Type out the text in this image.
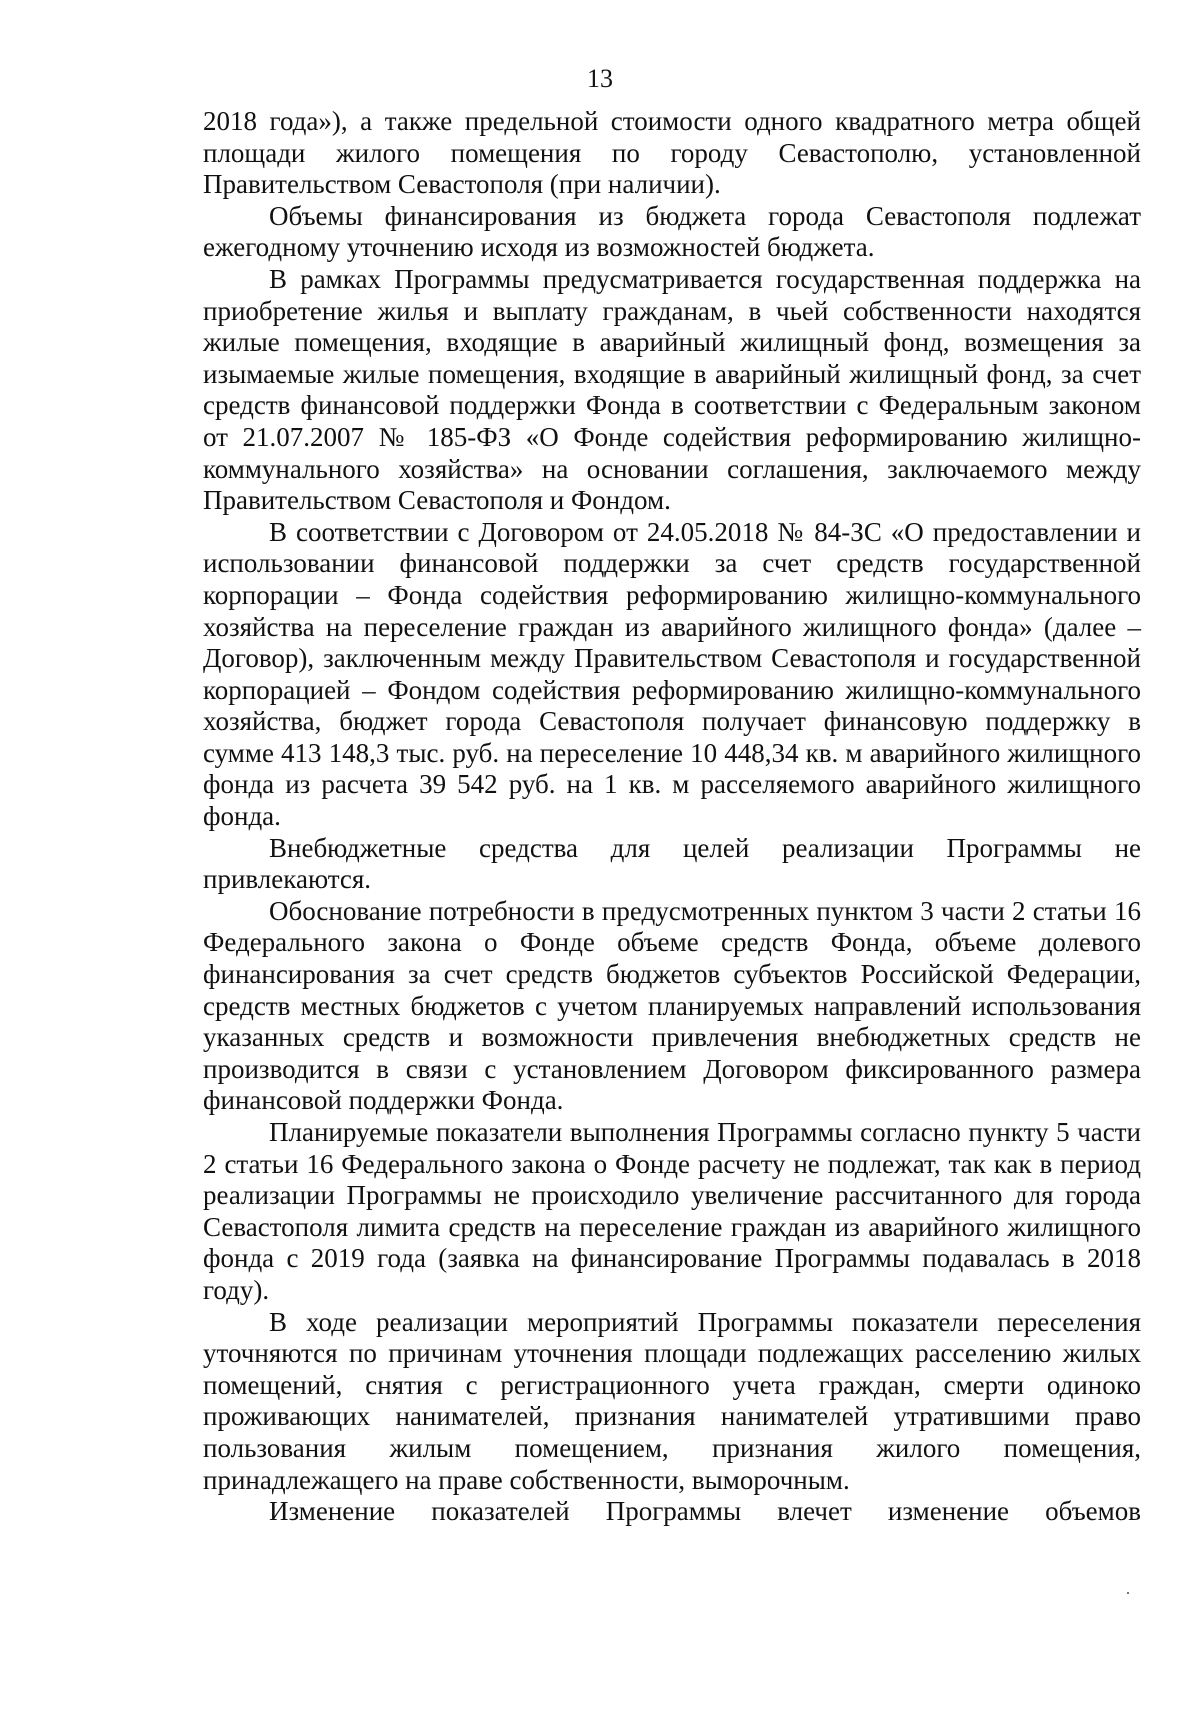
13

2018 года»), а также предельной стоимости одного квадратного метра общей площади жилого помещения по городу Севастополю, установленной Правительством Севастополя (при наличии).

Объемы финансирования из бюджета города Севастополя подлежат ежегодному уточнению исходя из возможностей бюджета.

В рамках Программы предусматривается государственная поддержка на приобретение жилья и выплату гражданам, в чьей собственности находятся жилые помещения, входящие в аварийный жилищный фонд, возмещения за изымаемые жилые помещения, входящие в аварийный жилищный фонд, за счет средств финансовой поддержки Фонда в соответствии с Федеральным законом от 21.07.2007 № 185-ФЗ «О Фонде содействия реформированию жилищно-коммунального хозяйства» на основании соглашения, заключаемого между Правительством Севастополя и Фондом.

В соответствии с Договором от 24.05.2018 № 84-ЗС «О предоставлении и использовании финансовой поддержки за счет средств государственной корпорации – Фонда содействия реформированию жилищно-коммунального хозяйства на переселение граждан из аварийного жилищного фонда» (далее – Договор), заключенным между Правительством Севастополя и государственной корпорацией – Фондом содействия реформированию жилищно-коммунального хозяйства, бюджет города Севастополя получает финансовую поддержку в сумме 413 148,3 тыс. руб. на переселение 10 448,34 кв. м аварийного жилищного фонда из расчета 39 542 руб. на 1 кв. м расселяемого аварийного жилищного фонда.

Внебюджетные средства для целей реализации Программы не привлекаются.

Обоснование потребности в предусмотренных пунктом 3 части 2 статьи 16 Федерального закона о Фонде объеме средств Фонда, объеме долевого финансирования за счет средств бюджетов субъектов Российской Федерации, средств местных бюджетов с учетом планируемых направлений использования указанных средств и возможности привлечения внебюджетных средств не производится в связи с установлением Договором фиксированного размера финансовой поддержки Фонда.

Планируемые показатели выполнения Программы согласно пункту 5 части 2 статьи 16 Федерального закона о Фонде расчету не подлежат, так как в период реализации Программы не происходило увеличение рассчитанного для города Севастополя лимита средств на переселение граждан из аварийного жилищного фонда с 2019 года (заявка на финансирование Программы подавалась в 2018 году).

В ходе реализации мероприятий Программы показатели переселения уточняются по причинам уточнения площади подлежащих расселению жилых помещений, снятия с регистрационного учета граждан, смерти одиноко проживающих нанимателей, признания нанимателей утратившими право пользования жилым помещением, признания жилого помещения, принадлежащего на праве собственности, выморочным.

Изменение показателей Программы влечет изменение объемов
